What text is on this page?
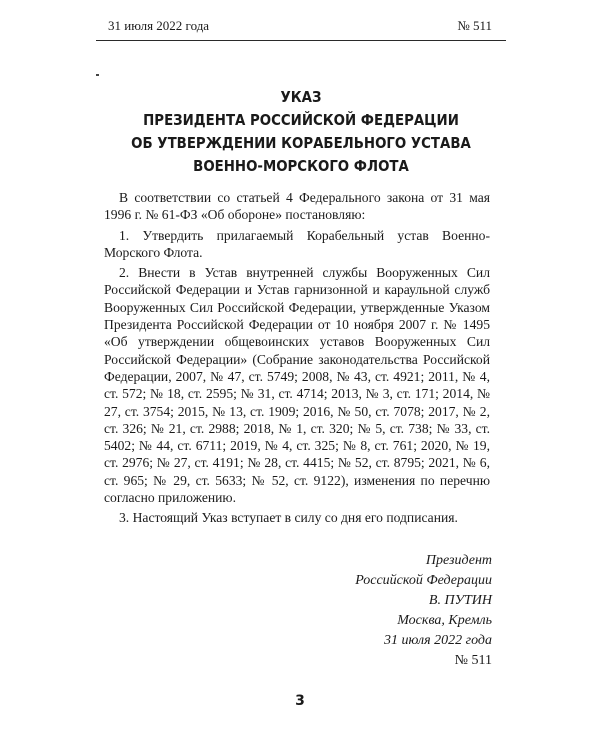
31 июля 2022 года	№ 511
УКАЗ
ПРЕЗИДЕНТА РОССИЙСКОЙ ФЕДЕРАЦИИ
ОБ УТВЕРЖДЕНИИ КОРАБЕЛЬНОГО УСТАВА
ВОЕННО-МОРСКОГО ФЛОТА

В соответствии со статьей 4 Федерального закона от 31 мая 1996 г. № 61-ФЗ «Об обороне» постановляю:

1. Утвердить прилагаемый Корабельный устав Военно-Морского Флота.

2. Внести в Устав внутренней службы Вооруженных Сил Российской Федерации и Устав гарнизонной и караульной служб Вооруженных Сил Российской Федерации, утвержденные Указом Президента Российской Федерации от 10 ноября 2007 г. № 1495 «Об утверждении общевоинских уставов Вооруженных Сил Российской Федерации» (Собрание законодательства Российской Федерации, 2007, № 47, ст. 5749; 2008, № 43, ст. 4921; 2011, № 4, ст. 572; № 18, ст. 2595; № 31, ст. 4714; 2013, № 3, ст. 171; 2014, № 27, ст. 3754; 2015, № 13, ст. 1909; 2016, № 50, ст. 7078; 2017, № 2, ст. 326; № 21, ст. 2988; 2018, № 1, ст. 320; № 5, ст. 738; № 33, ст. 5402; № 44, ст. 6711; 2019, № 4, ст. 325; № 8, ст. 761; 2020, № 19, ст. 2976; № 27, ст. 4191; № 28, ст. 4415; № 52, ст. 8795; 2021, № 6, ст. 965; № 29, ст. 5633; № 52, ст. 9122), изменения по перечню согласно приложению.

3. Настоящий Указ вступает в силу со дня его подписания.

Президент
Российской Федерации
В. ПУТИН
Москва, Кремль
31 июля 2022 года
№ 511
3
